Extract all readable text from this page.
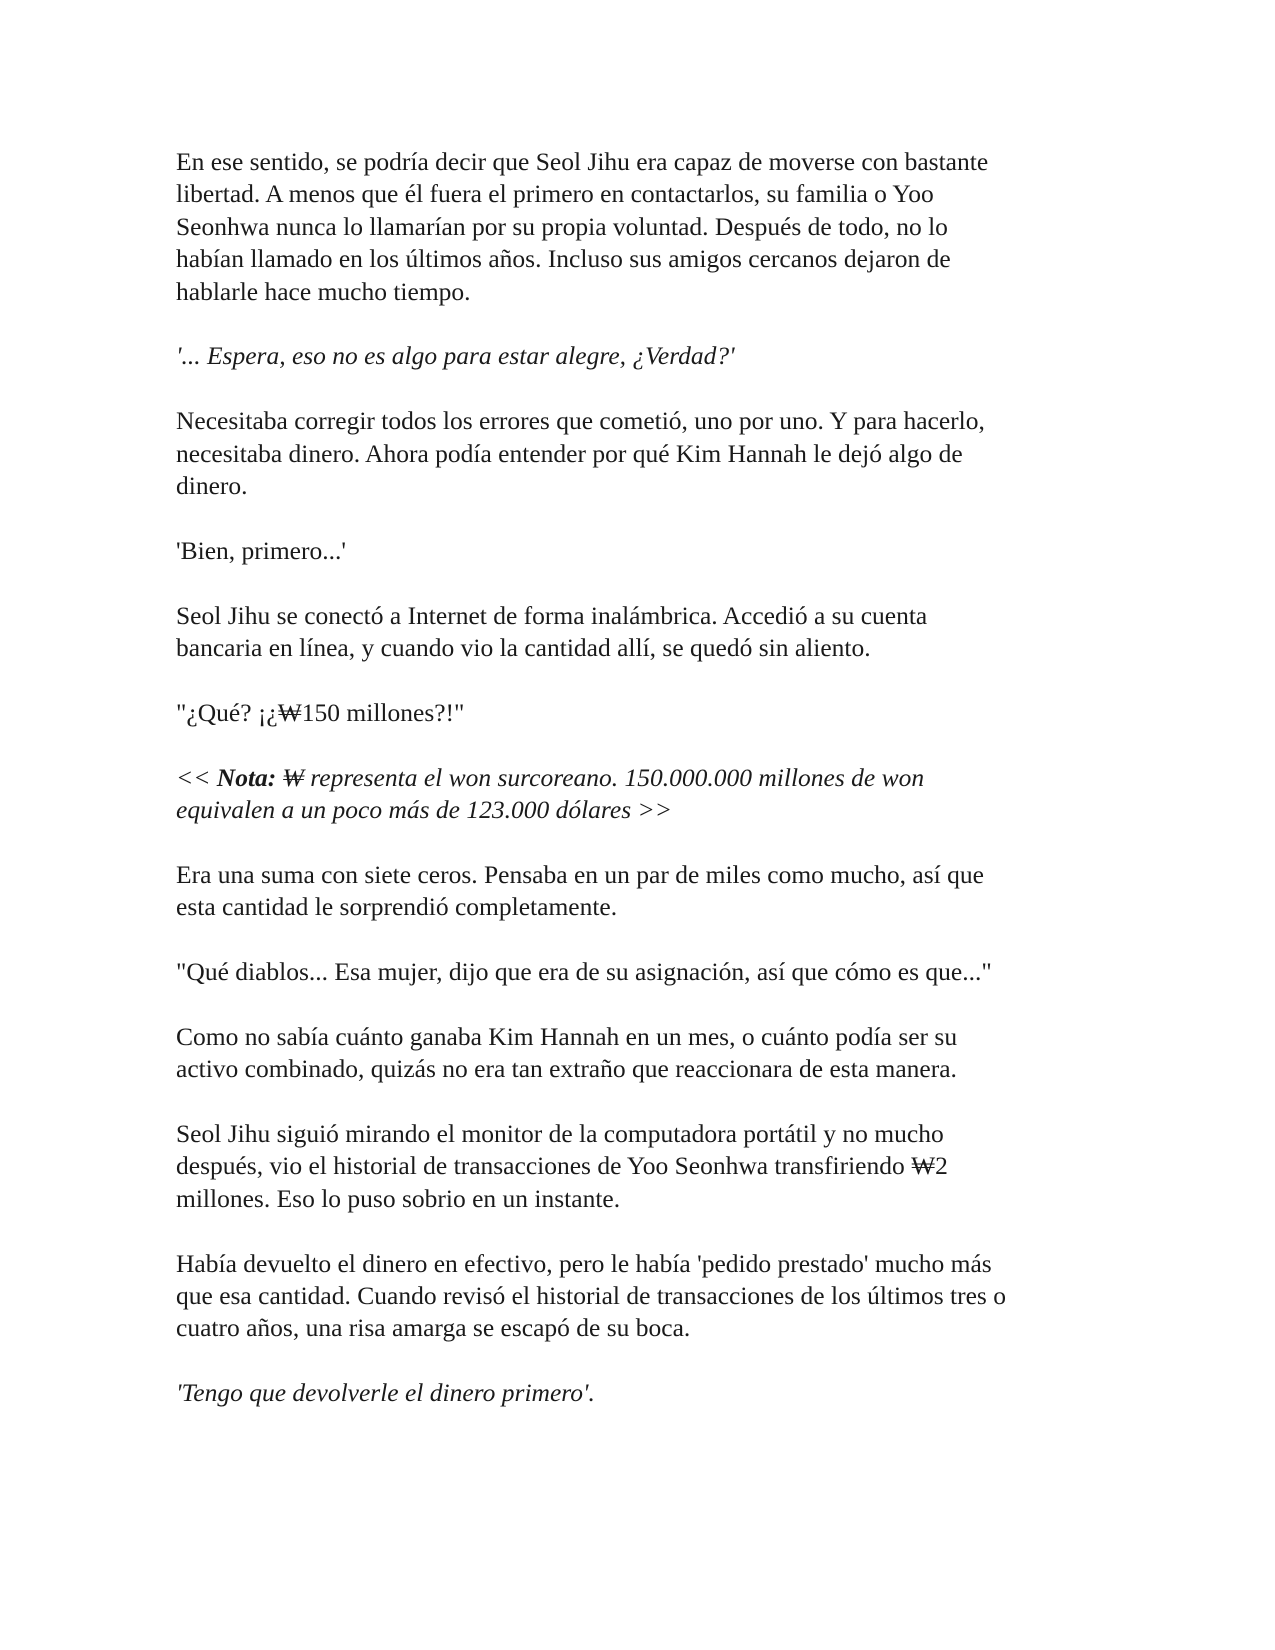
En ese sentido, se podría decir que Seol Jihu era capaz de moverse con bastante
libertad. A menos que él fuera el primero en contactarlos, su familia o Yoo
Seonhwa nunca lo llamarían por su propia voluntad. Después de todo, no lo
habían llamado en los últimos años. Incluso sus amigos cercanos dejaron de
hablarle hace mucho tiempo.

'... Espera, eso no es algo para estar alegre, ¿Verdad?'

Necesitaba corregir todos los errores que cometió, uno por uno. Y para hacerlo,
necesitaba dinero. Ahora podía entender por qué Kim Hannah le dejó algo de
dinero.

'Bien, primero...'

Seol Jihu se conectó a Internet de forma inalámbrica. Accedió a su cuenta
bancaria en línea, y cuando vio la cantidad allí, se quedó sin aliento.

"¿Qué? ¡¿₩150 millones?!"

<< Nota: ₩ representa el won surcoreano. 150.000.000 millones de won
equivalen a un poco más de 123.000 dólares >>

Era una suma con siete ceros. Pensaba en un par de miles como mucho, así que
esta cantidad le sorprendió completamente.

"Qué diablos... Esa mujer, dijo que era de su asignación, así que cómo es que..."

Como no sabía cuánto ganaba Kim Hannah en un mes, o cuánto podía ser su
activo combinado, quizás no era tan extraño que reaccionara de esta manera.

Seol Jihu siguió mirando el monitor de la computadora portátil y no mucho
después, vio el historial de transacciones de Yoo Seonhwa transfiriendo ₩2
millones. Eso lo puso sobrio en un instante.

Había devuelto el dinero en efectivo, pero le había 'pedido prestado' mucho más
que esa cantidad. Cuando revisó el historial de transacciones de los últimos tres o
cuatro años, una risa amarga se escapó de su boca.

'Tengo que devolverle el dinero primero'.
